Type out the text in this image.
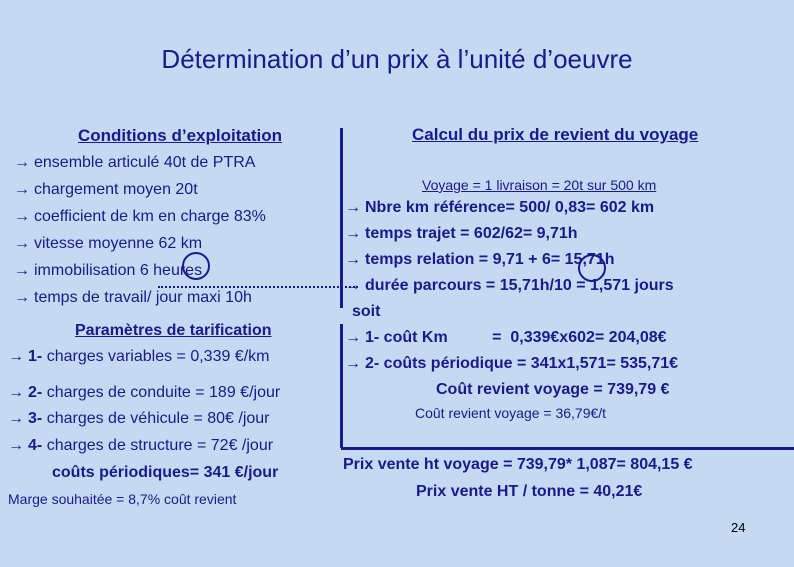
Détermination d’un prix à l’unité d’oeuvre
Conditions d’exploitation
→ ensemble articulé 40t de PTRA
→ chargement moyen 20t
→ coefficient de km en charge 83%
→ vitesse moyenne 62 km
→ immobilisation 6 heures
→ temps de travail/ jour maxi 10h
Paramètres de tarification
→ 1- charges variables = 0,339 €/km
→ 2- charges de conduite = 189 €/jour
→ 3- charges de véhicule = 80€ /jour
→ 4- charges de structure = 72€ /jour
coûts périodiques= 341 €/jour
Marge souhaitée = 8,7% coût revient
Calcul du prix de revient du voyage
Voyage = 1 livraison = 20t sur 500 km
→ Nbre km référence= 500/ 0,83= 602 km
→ temps trajet = 602/62= 9,71h
→ temps relation = 9,71 + 6= 15,71h
→ durée parcours = 15,71h/10 = 1,571 jours
soit
→ 1- coût Km          =  0,339€x602= 204,08€
→ 2- coûts périodique = 341x1,571= 535,71€
Coût revient voyage = 739,79 €
Coût revient voyage = 36,79€/t
Prix vente ht voyage = 739,79* 1,087= 804,15 €
Prix vente HT / tonne = 40,21€
24
